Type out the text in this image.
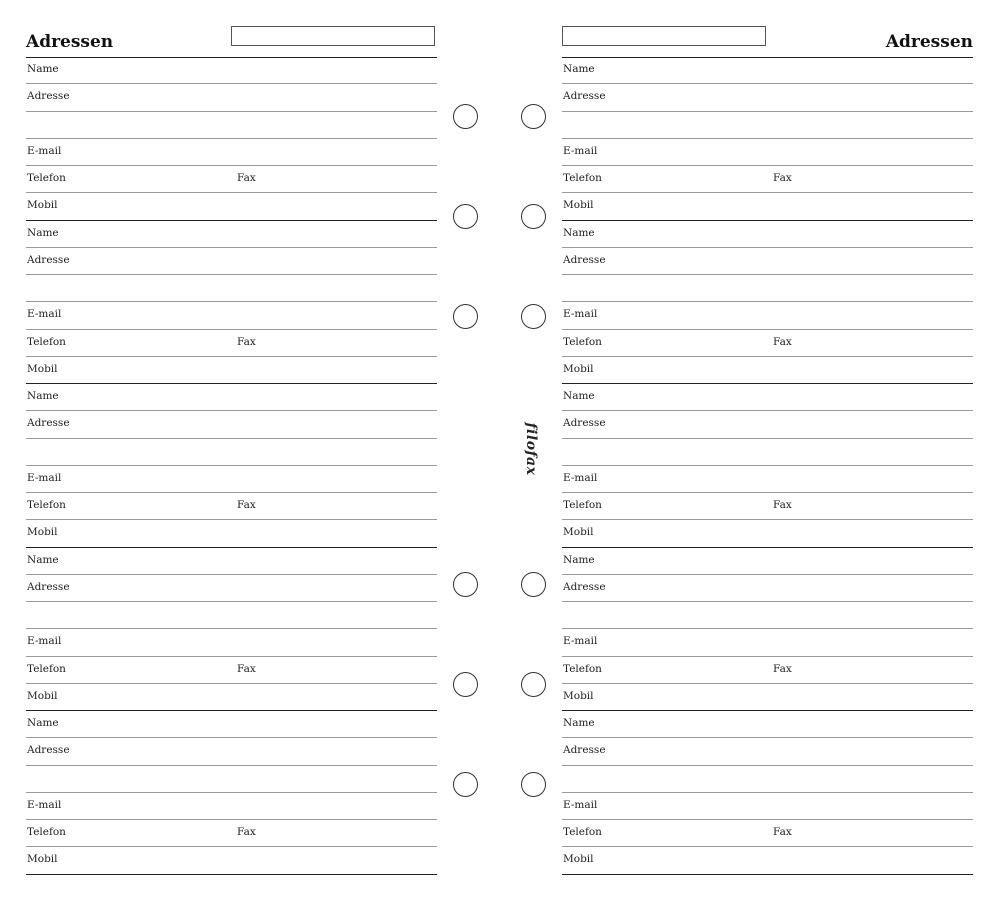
Adressen
Name
Adresse
E-mail
Telefon	Fax
Mobil
Name
Adresse
E-mail
Telefon	Fax
Mobil
Name
Adresse
E-mail
Telefon	Fax
Mobil
Name
Adresse
E-mail
Telefon	Fax
Mobil
Name
Adresse
E-mail
Telefon	Fax
Mobil
Adressen
Name
Adresse
E-mail
Telefon	Fax
Mobil
Name
Adresse
E-mail
Telefon	Fax
Mobil
Name
Adresse
E-mail
Telefon	Fax
Mobil
Name
Adresse
E-mail
Telefon	Fax
Mobil
Name
Adresse
E-mail
Telefon	Fax
Mobil
filofax
